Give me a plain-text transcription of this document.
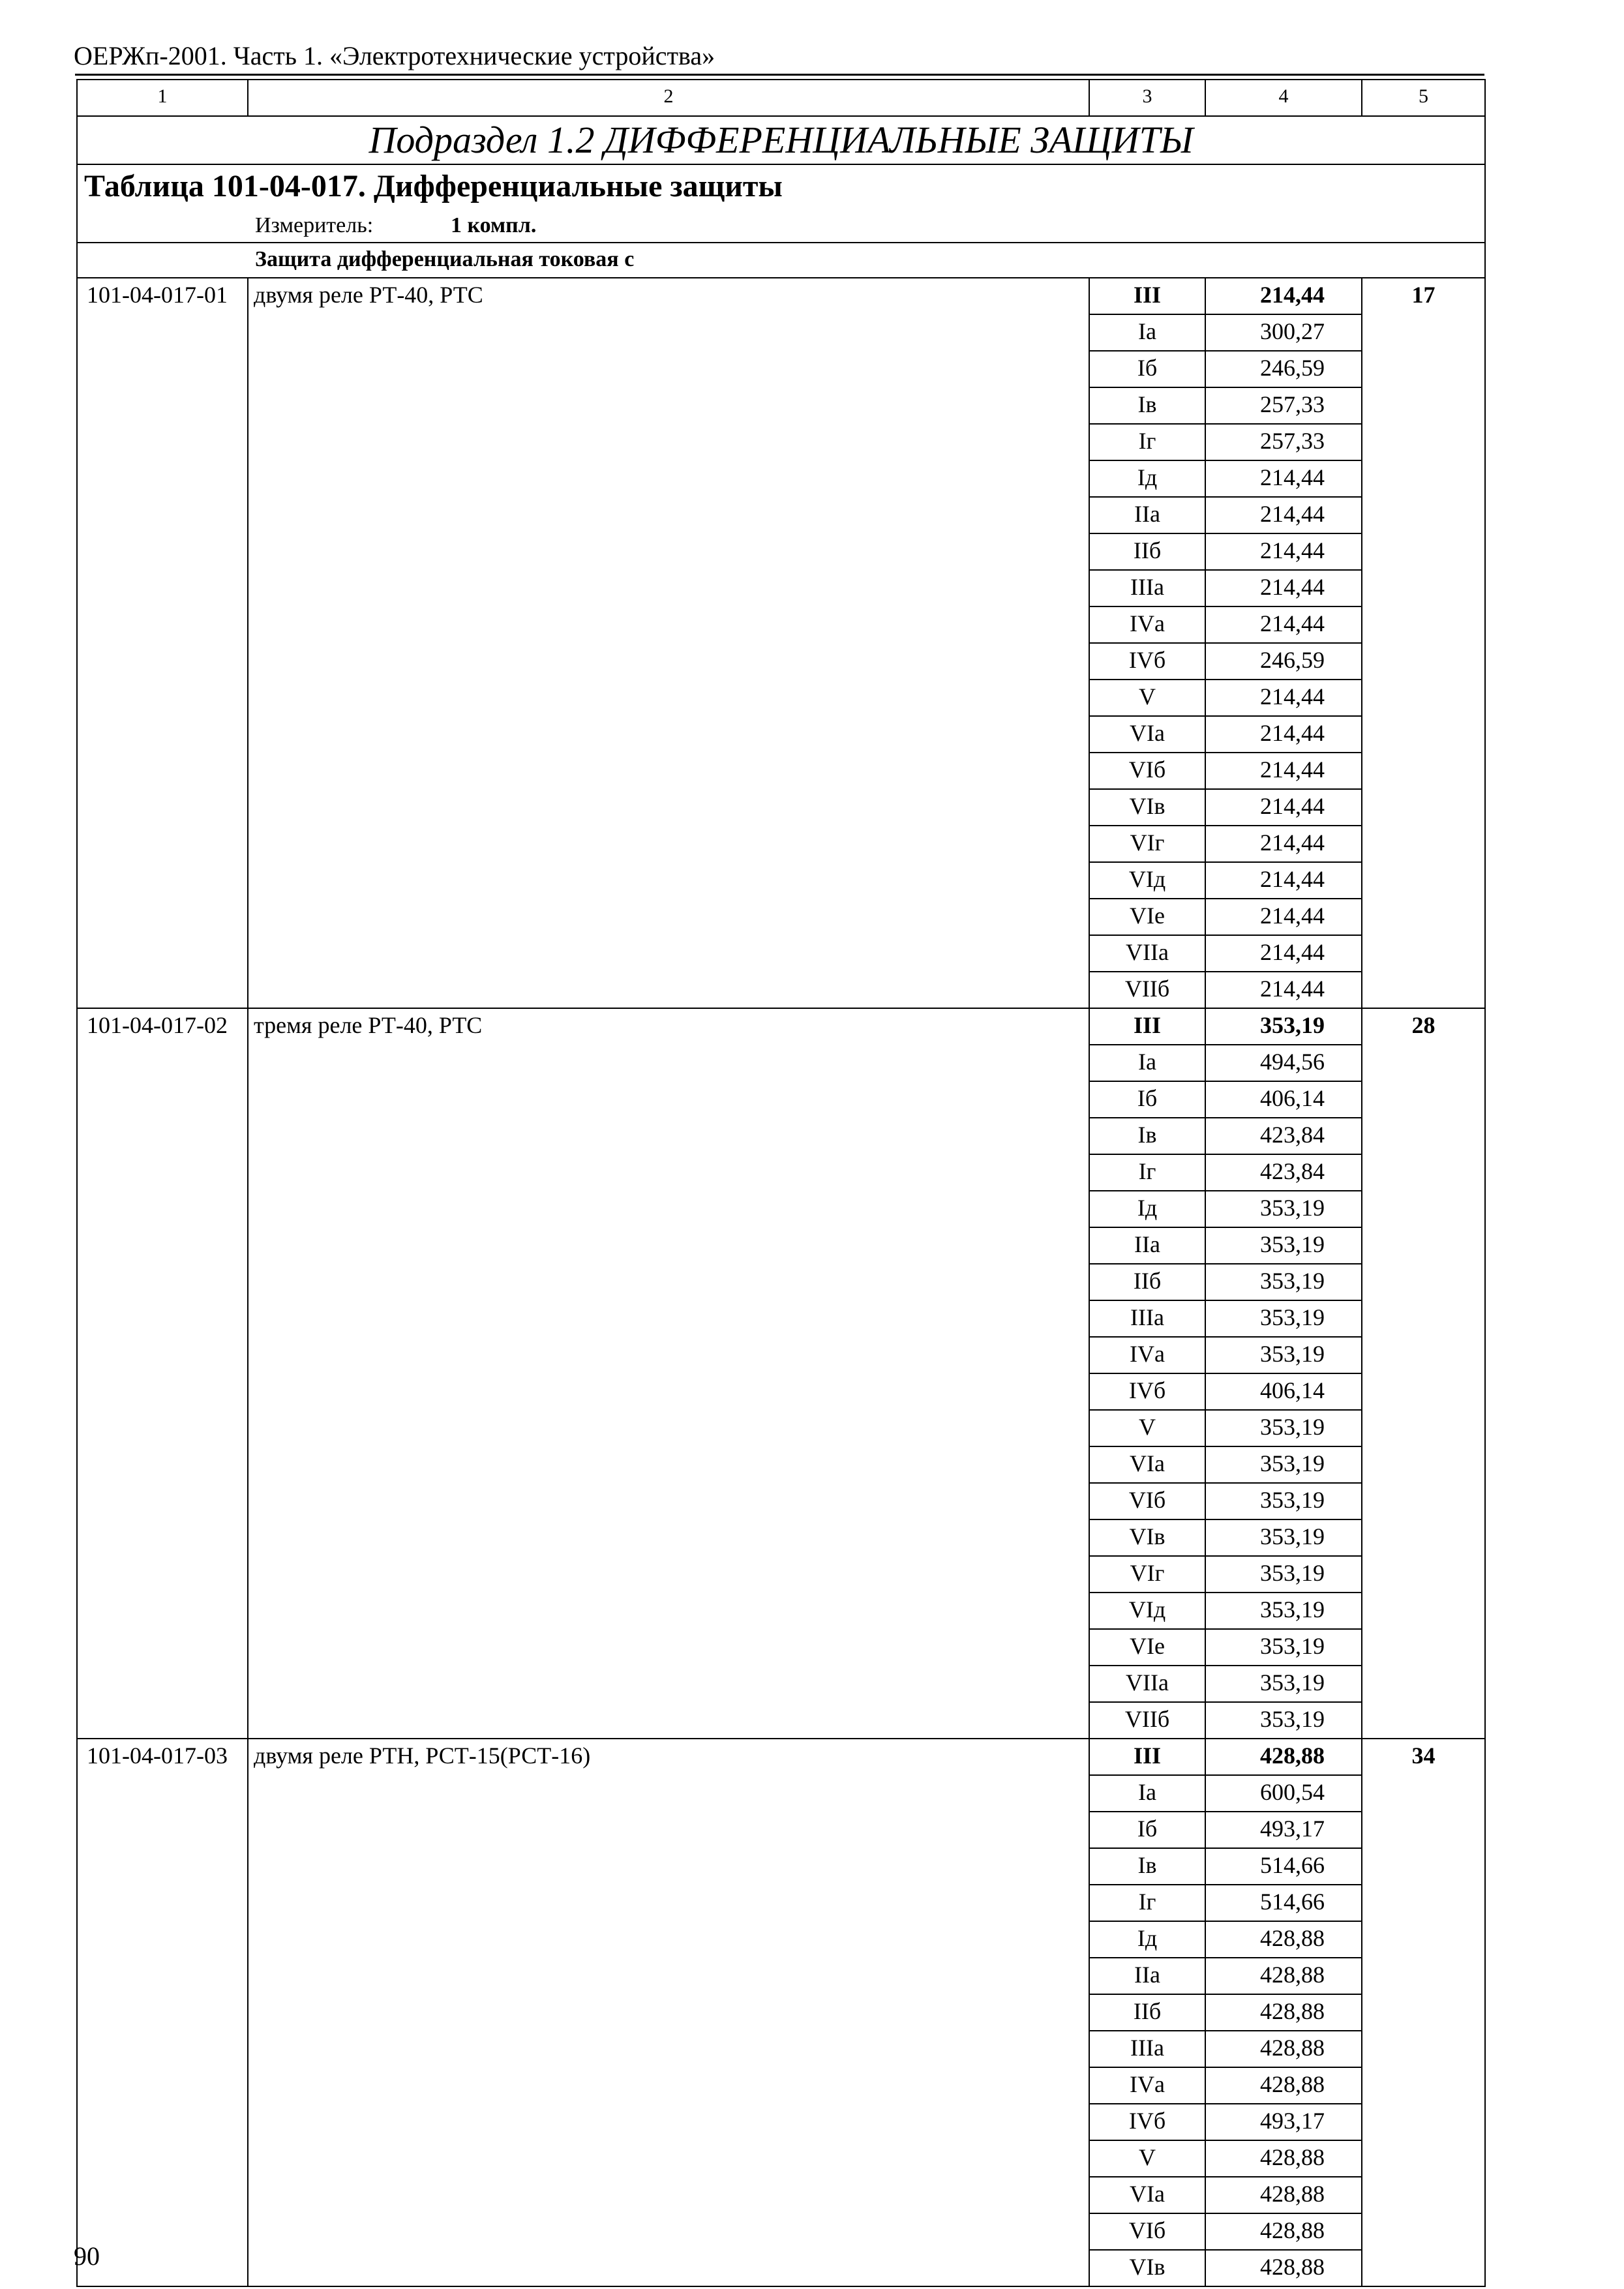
ОЕРЖп-2001. Часть 1. «Электротехнические устройства»
1	2	3	4	5
Подраздел 1.2 ДИФФЕРЕНЦИАЛЬНЫЕ ЗАЩИТЫ				
Таблица 101-04-017. Дифференциальные защиты				

Измеритель: 1 компл.				

Защита дифференциальная токовая с				
101-04-017-01	двумя реле РТ-40, РТС	III	214,44	17
		Iа	300,27	
		Iб	246,59	
		Iв	257,33	
		Iг	257,33	
		Iд	214,44	
		IIа	214,44	
		IIб	214,44	
		IIIа	214,44	
		IVа	214,44	
		IVб	246,59	
		V	214,44	
		VIа	214,44	
		VIб	214,44	
		VIв	214,44	
		VIг	214,44	
		VIд	214,44	
		VIе	214,44	
		VIIа	214,44	
		VIIб	214,44	
101-04-017-02	тремя реле РТ-40, РТС	III	353,19	28
		Iа	494,56	
		Iб	406,14	
		Iв	423,84	
		Iг	423,84	
		Iд	353,19	
		IIа	353,19	
		IIб	353,19	
		IIIа	353,19	
		IVа	353,19	
		IVб	406,14	
		V	353,19	
		VIа	353,19	
		VIб	353,19	
		VIв	353,19	
		VIг	353,19	
		VIд	353,19	
		VIе	353,19	
		VIIа	353,19	
		VIIб	353,19	
101-04-017-03	двумя реле РТН, РСТ-15(РСТ-16)	III	428,88	34
		Iа	600,54	
		Iб	493,17	
		Iв	514,66	
		Iг	514,66	
		Iд	428,88	
		IIа	428,88	
		IIб	428,88	
		IIIа	428,88	
		IVа	428,88	
		IVб	493,17	
		V	428,88	
		VIа	428,88	
		VIб	428,88	
		VIв	428,88	
90
